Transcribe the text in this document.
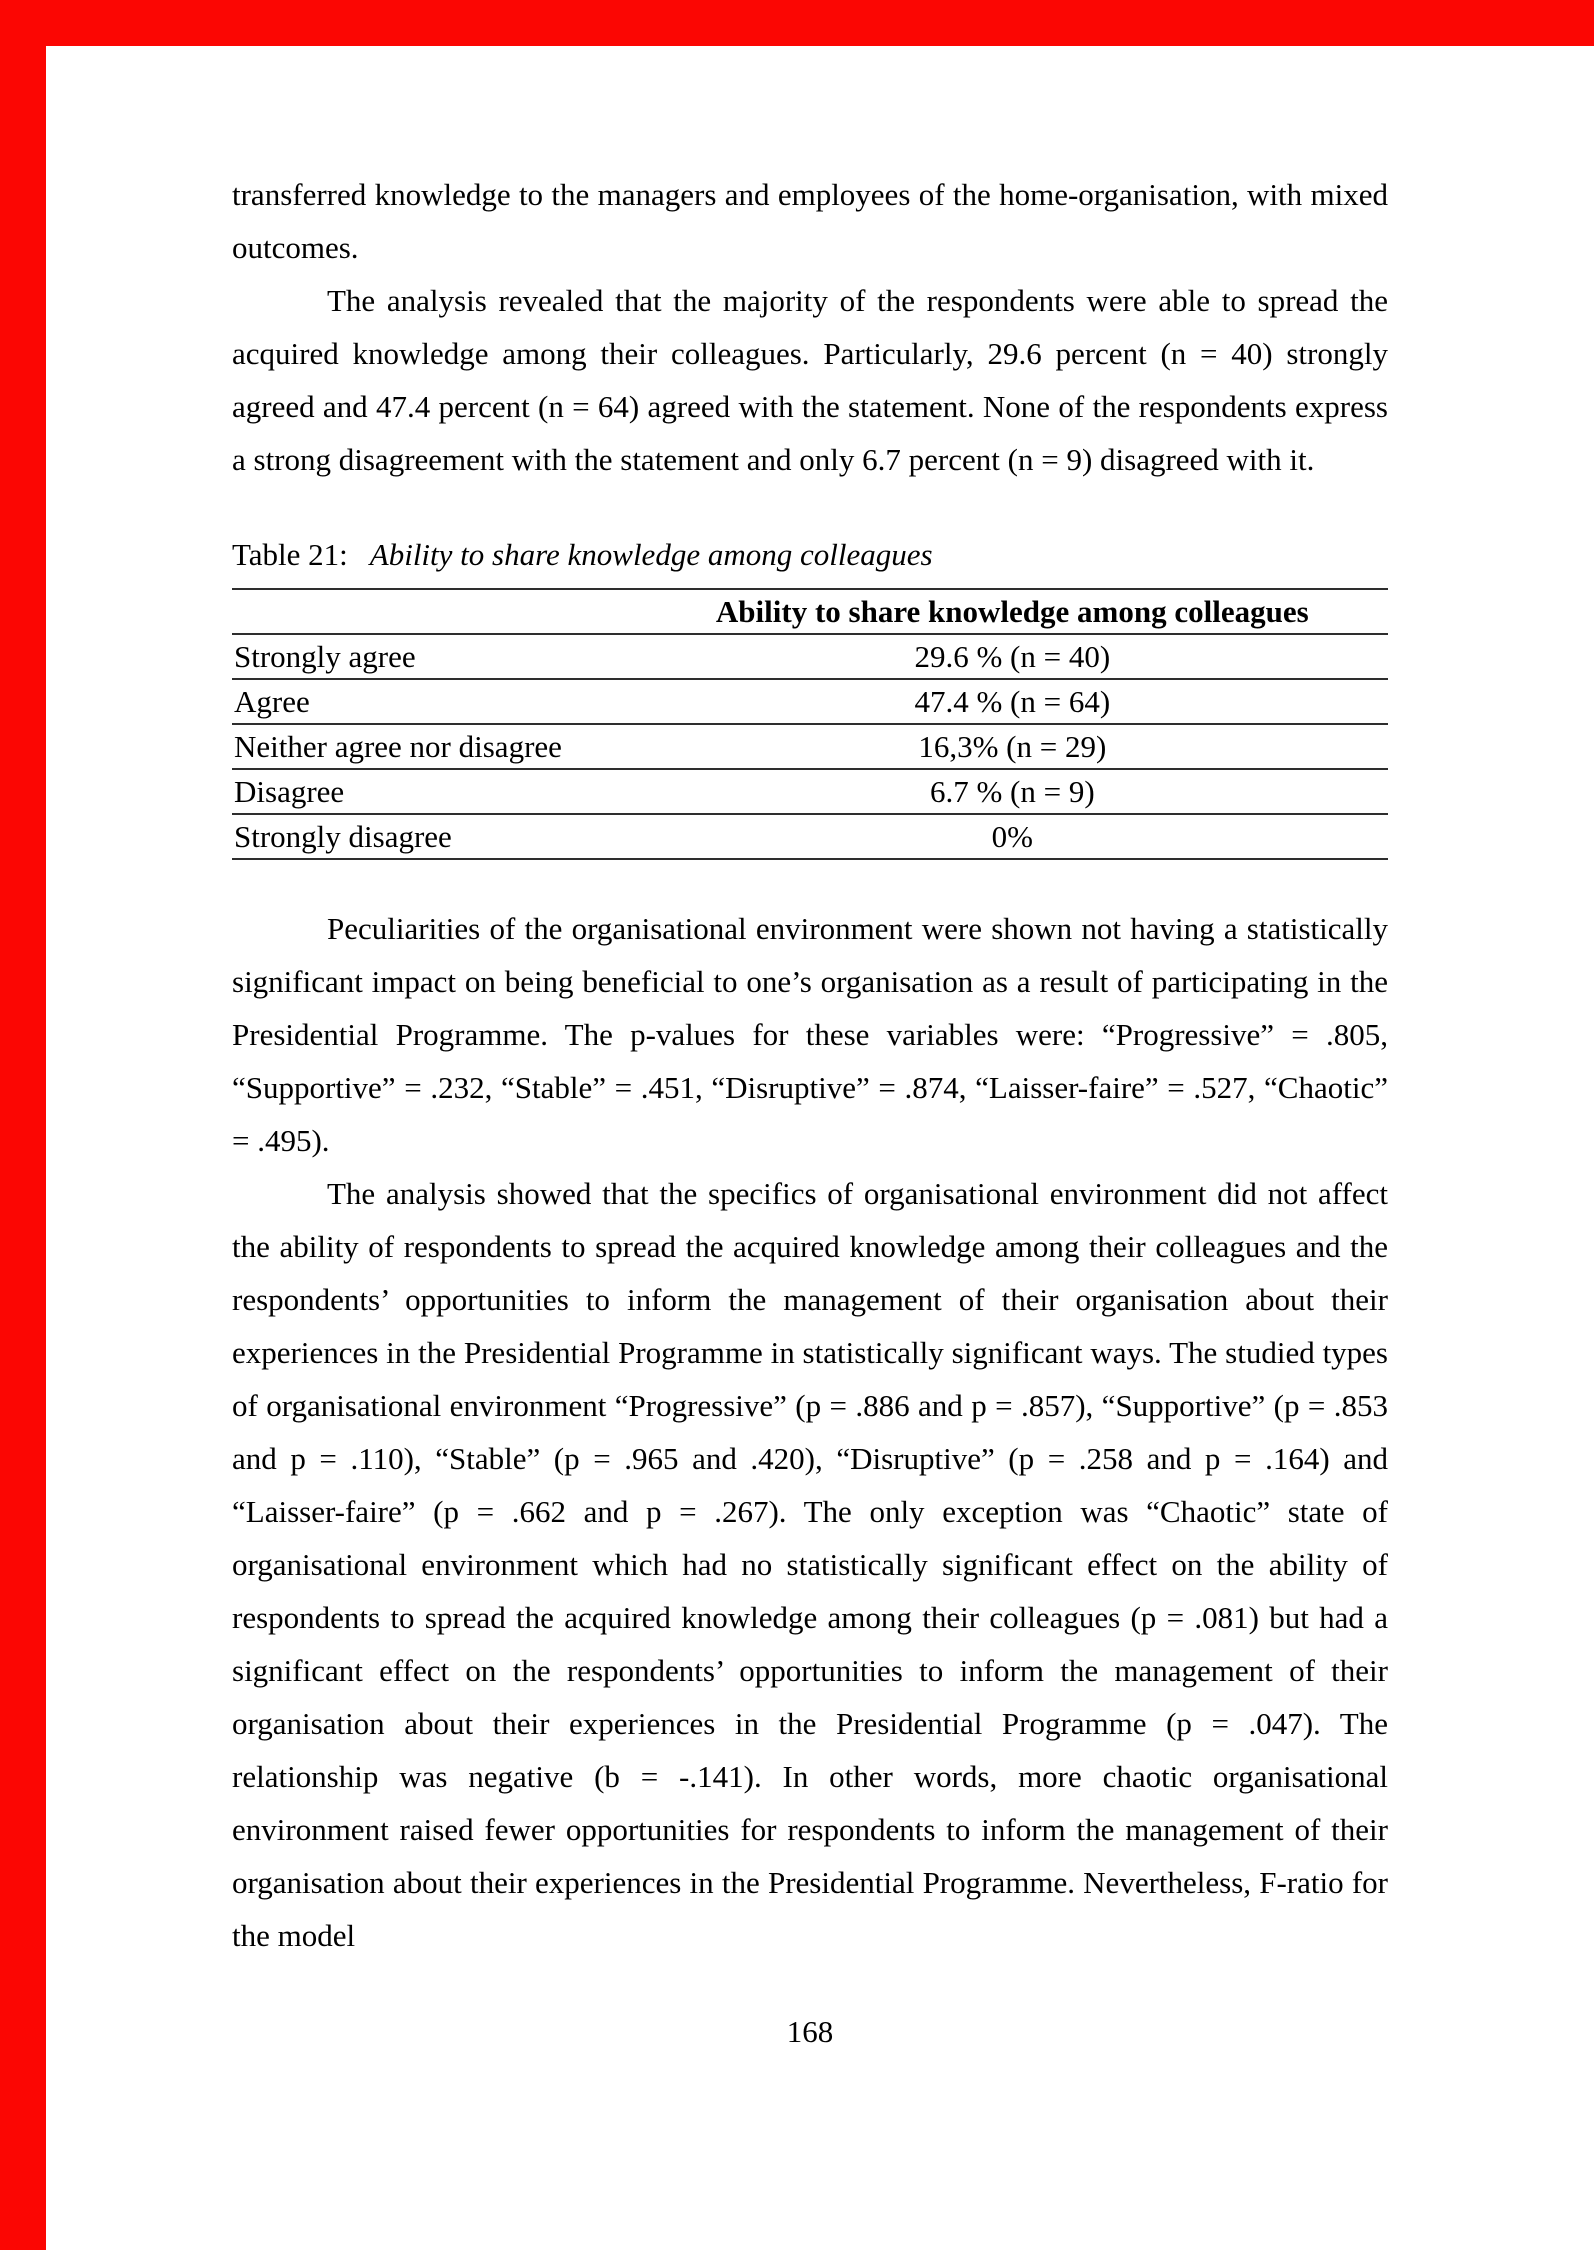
transferred knowledge to the managers and employees of the home-organisation, with mixed outcomes.

The analysis revealed that the majority of the respondents were able to spread the acquired knowledge among their colleagues. Particularly, 29.6 percent (n = 40) strongly agreed and 47.4 percent (n = 64) agreed with the statement. None of the respondents express a strong disagreement with the statement and only 6.7 percent (n = 9) disagreed with it.

Table 21: Ability to share knowledge among colleagues
	Ability to share knowledge among colleagues
Strongly agree	29.6 % (n = 40)
Agree	47.4 % (n = 64)
Neither agree nor disagree	16,3% (n = 29)
Disagree	6.7 % (n = 9)
Strongly disagree	0%

Peculiarities of the organisational environment were shown not having a statistically significant impact on being beneficial to one’s organisation as a result of participating in the Presidential Programme. The p-values for these variables were: “Progressive” = .805, “Supportive” = .232, “Stable” = .451, “Disruptive” = .874, “Laisser-faire” = .527, “Chaotic” = .495).

The analysis showed that the specifics of organisational environment did not affect the ability of respondents to spread the acquired knowledge among their colleagues and the respondents’ opportunities to inform the management of their organisation about their experiences in the Presidential Programme in statistically significant ways. The studied types of organisational environment “Progressive” (p = .886 and p = .857), “Supportive” (p = .853 and p = .110), “Stable” (p = .965 and .420), “Disruptive” (p = .258 and p = .164) and “Laisser-faire” (p = .662 and p = .267). The only exception was “Chaotic” state of organisational environment which had no statistically significant effect on the ability of respondents to spread the acquired knowledge among their colleagues (p = .081) but had a significant effect on the respondents’ opportunities to inform the management of their organisation about their experiences in the Presidential Programme (p = .047). The relationship was negative (b = -.141). In other words, more chaotic organisational environment raised fewer opportunities for respondents to inform the management of their organisation about their experiences in the Presidential Programme. Nevertheless, F-ratio for the model

168
